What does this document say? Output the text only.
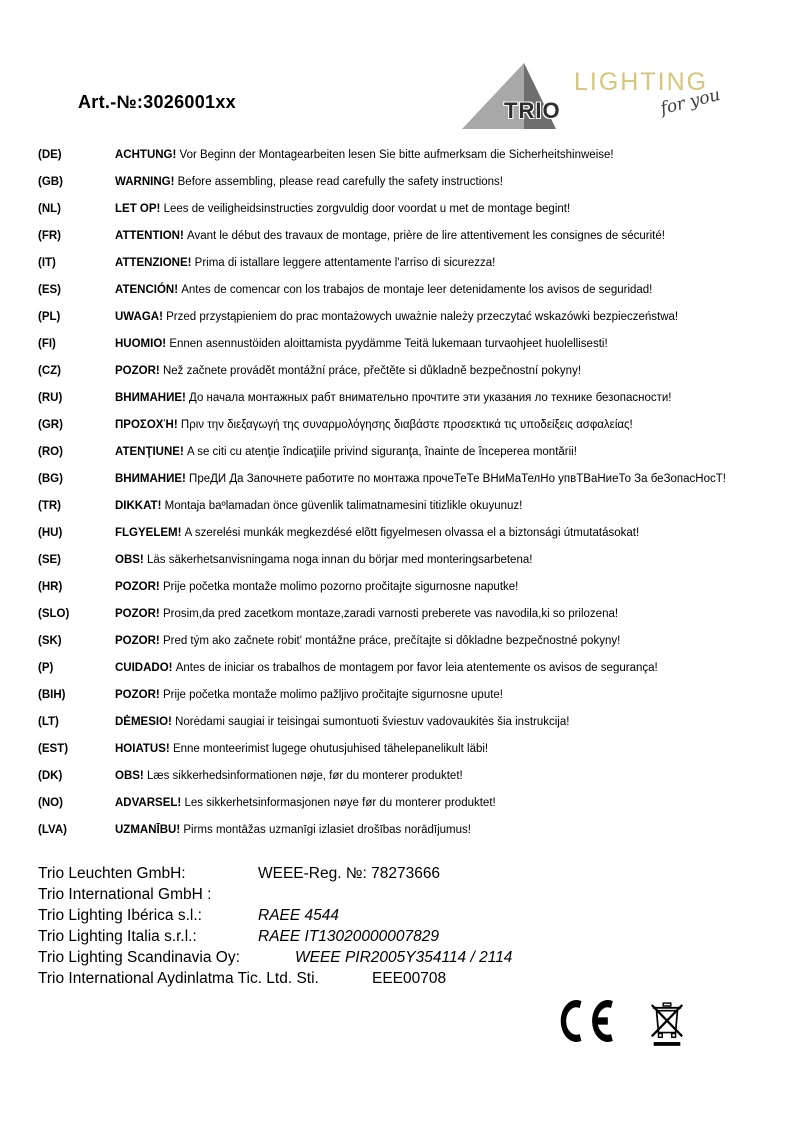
Art.-№:3026001xx	TRIO
LIGHTING
for you
(DE)	ACHTUNG! Vor Beginn der Montagearbeiten lesen Sie bitte aufmerksam die Sicherheitshinweise!
(GB)	WARNING! Before assembling, please read carefully the safety instructions!
(NL)	LET OP! Lees de veiligheidsinstructies zorgvuldig door voordat u met de montage begint!
(FR)	ATTENTION! Avant le début des travaux de montage, prière de lire attentivement les consignes de sécurité!
(IT)	ATTENZIONE! Prima di istallare leggere attentamente l'arriso di sicurezza!
(ES)	ATENCIÓN! Antes de comencar con los trabajos de montaje leer detenidamente los avisos de seguridad!
(PL)	UWAGA! Przed przystąpieniem do prac montażowych uważnie należy przeczytać wskazówki bezpieczeństwa!
(FI)	HUOMIO! Ennen asennustöiden aloittamista pyydämme Teitä lukemaan turvaohjeet huolellisesti!
(CZ)	POZOR! Než začnete provádět montážní práce, přečtěte si důkladně bezpečnostní pokyny!
(RU)	ВНИМАНИЕ! До начала монтажных рабт внимательно прочтите эти указания ло технике безопасности!
(GR)	ΠΡΟΣΟΧΉ! Πριν την διεξαγωγή της συναρμολόγησης διαβάστε προσεκτικά τις υποδείξεις ασφαλείας!
(RO)	ATENŢIUNE! A se citi cu atenţie îndicaţiile privind siguranţa, înainte de începerea montării!
(BG)	ВНИМАНИЕ! ПреДИ Да Започнете работите по монтажа прочеТеТе ВНиМаТелНо упвТВаНиеТо За беЗопасНосТ!
(TR)	DIKKAT! Montaja baºlamadan önce güvenlik talimatnamesini titizlikle okuyunuz!
(HU)	FLGYELEM! A szerelési munkák megkezdésé elõtt figyelmesen olvassa el a biztonsági útmutatásokat!
(SE)	OBS! Läs säkerhetsanvisningama noga innan du börjar med monteringsarbetena!
(HR)	POZOR! Prije početka montaže molimo pozorno pročitajte sigurnosne naputke!
(SLO)	POZOR! Prosim,da pred zacetkom montaze,zaradi varnosti preberete vas navodila,ki so prilozena!
(SK)	POZOR! Pred tým ako začnete robit' montážne práce, prečítajte si dôkladne bezpečnostné pokyny!
(P)	CUIDADO! Antes de iniciar os trabalhos de montagem por favor leia atentemente os avisos de segurança!
(BIH)	POZOR! Prije početka montaže molimo pažljivo pročitajte sigurnosne upute!
(LT)	DĖMESIO! Norėdami saugiai ir teisingai sumontuoti šviestuv vadovaukitės šia instrukcija!
(EST)	HOIATUS! Enne monteerimist lugege ohutusjuhised tähelepanelikult läbi!
(DK)	OBS! Læs sikkerhedsinformationen nøje, før du monterer produktet!
(NO)	ADVARSEL! Les sikkerhetsinformasjonen nøye før du monterer produktet!
(LVA)	UZMANĪBU! Pirms montāžas uzmanīgi izlasiet drošības norādījumus!
Trio Leuchten GmbH:	WEEE-Reg. №: 78273666
Trio International GmbH :
Trio Lighting Ibérica s.l.:	RAEE 4544
Trio Lighting Italia s.r.l.:	RAEE IT13020000007829
Trio Lighting Scandinavia Oy:	WEEE PIR2005Y354114 / 2114
Trio International Aydinlatma Tic. Ltd. Sti.	EEE00708
